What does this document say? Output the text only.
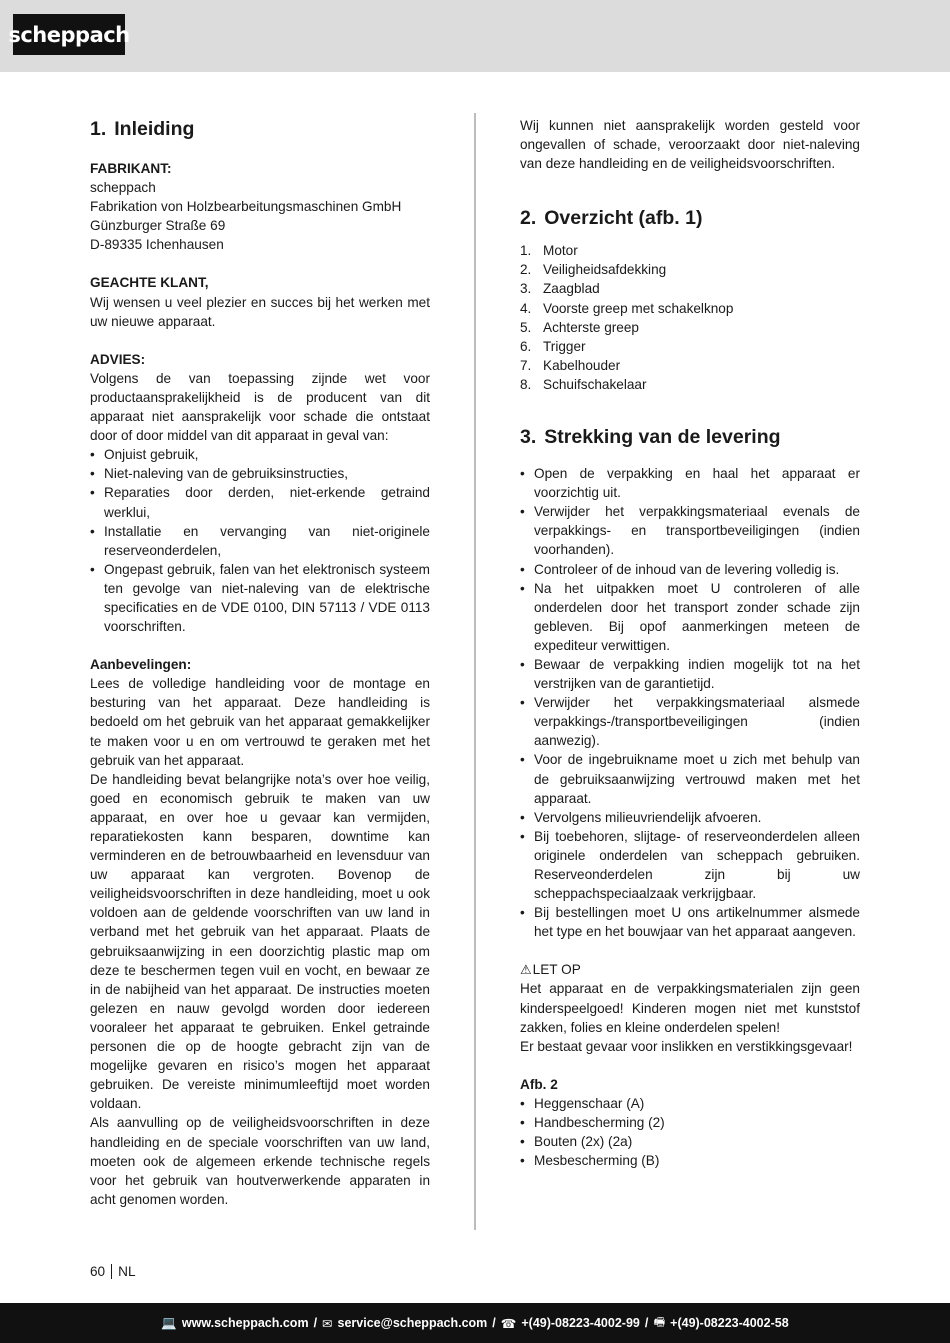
scheppach
1. Inleiding
FABRIKANT:
scheppach
Fabrikation von Holzbearbeitungsmaschinen GmbH
Günzburger Straße 69
D-89335 Ichenhausen
GEACHTE KLANT,

Wij wensen u veel plezier en succes bij het werken met uw nieuwe apparaat.

ADVIES:

Volgens de van toepassing zijnde wet voor productaansprakelijkheid is de producent van dit apparaat niet aansprakelijk voor schade die ontstaat door of door middel van dit apparaat in geval van:

• Onjuist gebruik,
• Niet-naleving van de gebruiksinstructies,
• Reparaties door derden, niet-erkende getraind werklui,
• Installatie en vervanging van niet-originele reserveonderdelen,
• Ongepast gebruik, falen van het elektronisch systeem ten gevolge van niet-naleving van de elektrische specificaties en de VDE 0100, DIN 57113 / VDE 0113 voorschriften.
Aanbevelingen:

Lees de volledige handleiding voor de montage en besturing van het apparaat. Deze handleiding is bedoeld om het gebruik van het apparaat gemakkelijker te maken voor u en om vertrouwd te geraken met het gebruik van het apparaat.

De handleiding bevat belangrijke nota’s over hoe veilig, goed en economisch gebruik te maken van uw apparaat, en over hoe u gevaar kan vermijden, reparatiekosten kann besparen, downtime kan verminderen en de betrouwbaarheid en levensduur van uw apparaat kan vergroten. Bovenop de veiligheidsvoorschriften in deze handleiding, moet u ook voldoen aan de geldende voorschriften van uw land in verband met het gebruik van het apparaat. Plaats de gebruiksaanwijzing in een doorzichtig plastic map om deze te beschermen tegen vuil en vocht, en bewaar ze in de nabijheid van het apparaat. De instructies moeten gelezen en nauw gevolgd worden door iedereen vooraleer het apparaat te gebruiken. Enkel getrainde personen die op de hoogte gebracht zijn van de mogelijke gevaren en risico’s mogen het apparaat gebruiken. De vereiste minimumleeftijd moet worden voldaan.

Als aanvulling op de veiligheidsvoorschriften in deze handleiding en de speciale voorschriften van uw land, moeten ook de algemeen erkende technische regels voor het gebruik van houtverwerkende apparaten in acht genomen worden.

Wij kunnen niet aansprakelijk worden gesteld voor ongevallen of schade, veroorzaakt door niet-naleving van deze handleiding en de veiligheidsvoorschriften.

2. Overzicht (afb. 1)
1. Motor
2. Veiligheidsafdekking
3. Zaagblad
4. Voorste greep met schakelknop
5. Achterste greep
6. Trigger
7. Kabelhouder
8. Schuifschakelaar
3. Strekking van de levering
• Open de verpakking en haal het apparaat er voorzichtig uit.
• Verwijder het verpakkingsmateriaal evenals de verpakkings- en transportbeveiligingen (indien voorhanden).
• Controleer of de inhoud van de levering volledig is.
• Na het uitpakken moet U controleren of alle onderdelen door het transport zonder schade zijn gebleven. Bij opof aanmerkingen meteen de expediteur verwittigen.
• Bewaar de verpakking indien mogelijk tot na het verstrijken van de garantietijd.
• Verwijder het verpakkingsmateriaal alsmede verpakkings-/transportbeveiligingen (indien aanwezig).
• Voor de ingebruikname moet u zich met behulp van de gebruiksaanwijzing vertrouwd maken met het apparaat.
• Vervolgens milieuvriendelijk afvoeren.
• Bij toebehoren, slijtage- of reserveonderdelen alleen originele onderdelen van scheppach gebruiken. Reserveonderdelen zijn bij uw scheppachspeciaalzaak verkrijgbaar.
• Bij bestellingen moet U ons artikelnummer alsmede het type en het bouwjaar van het apparaat aangeven.
⚠LET OP

Het apparaat en de verpakkingsmaterialen zijn geen kinderspeelgoed! Kinderen mogen niet met kunststof zakken, folies en kleine onderdelen spelen!

Er bestaat gevaar voor inslikken en verstikkingsgevaar!

Afb. 2
• Heggenschaar (A)
• Handbescherming (2)
• Bouten (2x) (2a)
• Mesbescherming (B)
60 NL
💻 www.scheppach.com / ✉ service@scheppach.com / ☎ +(49)-08223-4002-99 / 🖷 +(49)-08223-4002-58
